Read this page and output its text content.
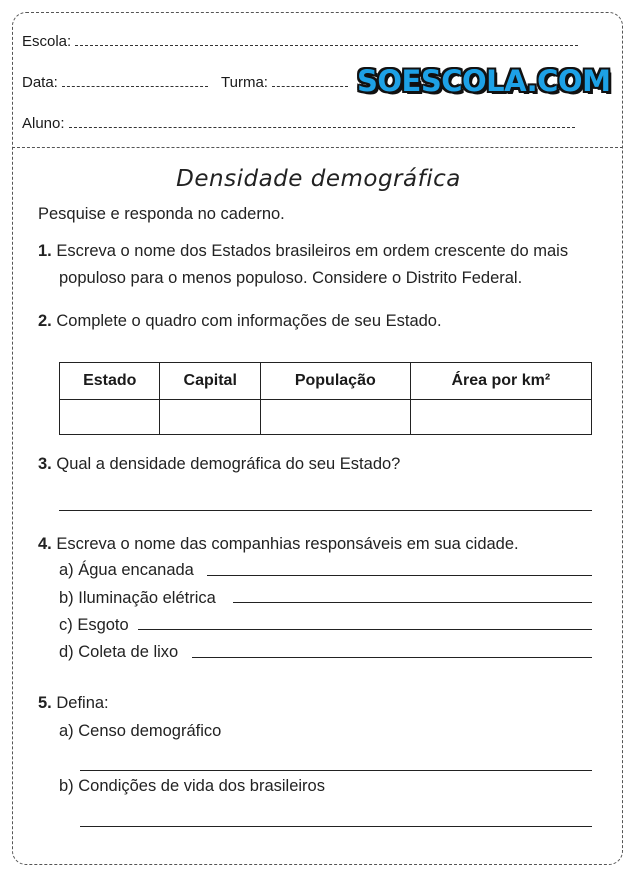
Escola:
Data:	Turma:	SOESCOLA.COM
Aluno:
Densidade demográfica
Pesquise e responda no caderno.
1. Escreva o nome dos Estados brasileiros em ordem crescente do mais
populoso para o menos populoso. Considere o Distrito Federal.
2. Complete o quadro com informações de seu Estado.
Estado	Capital	População	Área por km²

3. Qual a densidade demográfica do seu Estado?
4. Escreva o nome das companhias responsáveis em sua cidade.
a) Água encanada
b) Iluminação elétrica
c) Esgoto
d) Coleta de lixo
5. Defina:
a) Censo demográfico
b) Condições de vida dos brasileiros
